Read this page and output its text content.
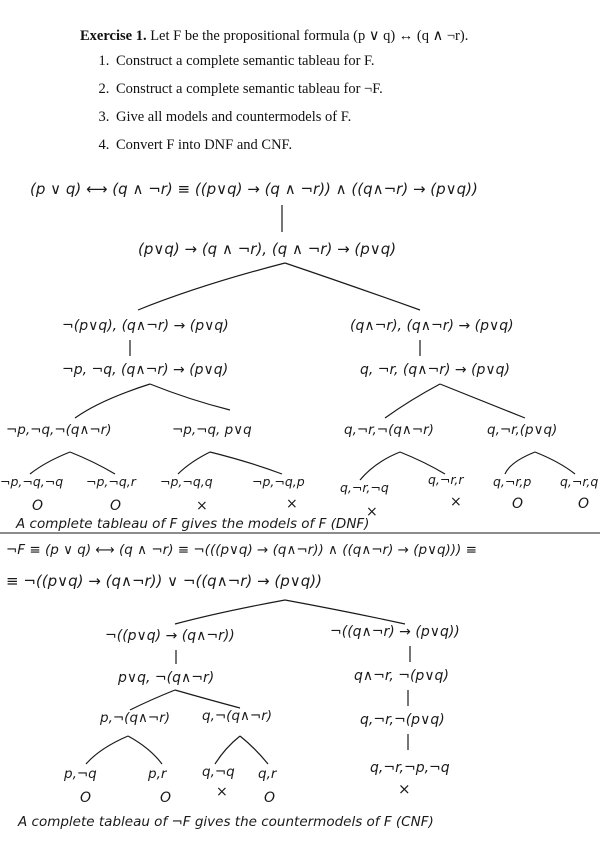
Exercise 1. Let F be the propositional formula (p ∨ q) ↔ (q ∧ ¬r).

1. Construct a complete semantic tableau for F.
2. Construct a complete semantic tableau for ¬F.
3. Give all models and countermodels of F.
4. Convert F into DNF and CNF.
(p ∨ q) ⟷ (q ∧ ¬r) ≡ ((p∨q) → (q ∧ ¬r)) ∧ ((q∧¬r) → (p∨q))
(p∨q) → (q ∧ ¬r), (q ∧ ¬r) → (p∨q)
¬(p∨q), (q∧¬r) → (p∨q)
¬p, ¬q, (q∧¬r) → (p∨q)
(q∧¬r), (q∧¬r) → (p∨q)
q, ¬r, (q∧¬r) → (p∨q)
¬p,¬q,¬(q∧¬r)	¬p,¬q, p∨q	q,¬r,¬(q∧¬r)	q,¬r,(p∨q)
¬p,¬q,¬q ¬p,¬q,r ¬p,¬q,q	¬p,¬q,p	q,¬r,¬q
q,¬r,r q,¬r,p q,¬r,q
O	O	×	×	×
×	O	O
A complete tableau of F gives the models of F (DNF)
¬F ≡ (p ∨ q) ⟷ (q ∧ ¬r) ≡ ¬(((p∨q) → (q∧¬r)) ∧ ((q∧¬r) → (p∨q))) ≡
≡ ¬((p∨q) → (q∧¬r)) ∨ ¬((q∧¬r) → (p∨q))
¬((p∨q) → (q∧¬r))
p∨q, ¬(q∧¬r)
p,¬(q∧¬r) q,¬(q∧¬r)
p,¬q	p,r	q,¬q q,r
O	O	×	O
¬((q∧¬r) → (p∨q))
q∧¬r, ¬(p∨q)
q,¬r,¬(p∨q)
q,¬r,¬p,¬q
×
A complete tableau of ¬F gives the countermodels of F (CNF)
